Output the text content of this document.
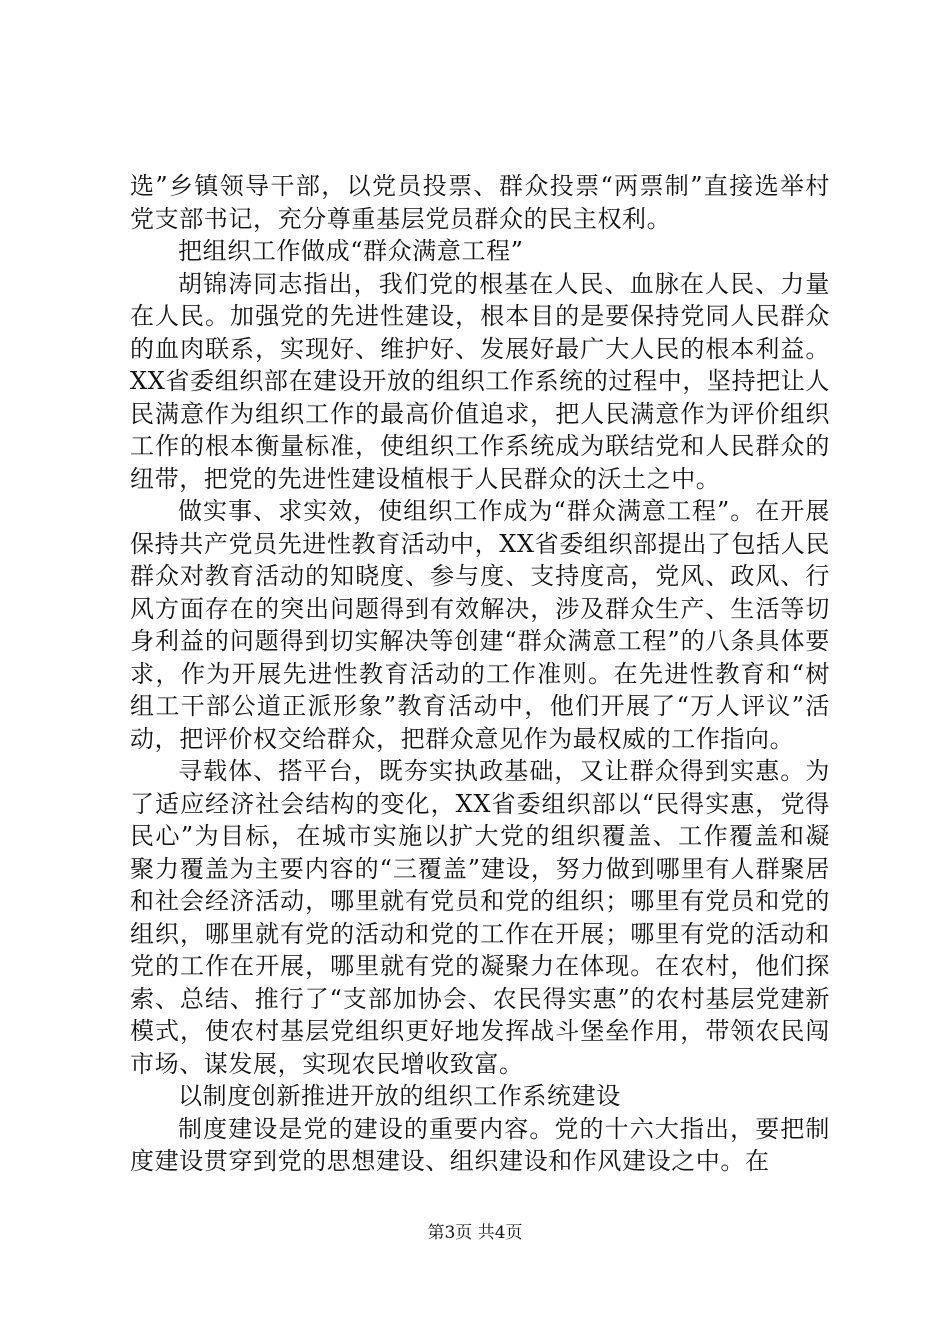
选”乡镇领导干部，以党员投票、群众投票“两票制”直接选举村党支部书记，充分尊重基层党员群众的民主权利。

把组织工作做成“群众满意工程”

胡锦涛同志指出，我们党的根基在人民、血脉在人民、力量在人民。加强党的先进性建设，根本目的是要保持党同人民群众的血肉联系，实现好、维护好、发展好最广大人民的根本利益。XX省委组织部在建设开放的组织工作系统的过程中，坚持把让人民满意作为组织工作的最高价值追求，把人民满意作为评价组织工作的根本衡量标准，使组织工作系统成为联结党和人民群众的纽带，把党的先进性建设植根于人民群众的沃土之中。

做实事、求实效，使组织工作成为“群众满意工程”。在开展保持共产党员先进性教育活动中，XX省委组织部提出了包括人民群众对教育活动的知晓度、参与度、支持度高，党风、政风、行风方面存在的突出问题得到有效解决，涉及群众生产、生活等切身利益的问题得到切实解决等创建“群众满意工程”的八条具体要求，作为开展先进性教育活动的工作准则。在先进性教育和“树组工干部公道正派形象”教育活动中，他们开展了“万人评议”活动，把评价权交给群众，把群众意见作为最权威的工作指向。

寻载体、搭平台，既夯实执政基础，又让群众得到实惠。为了适应经济社会结构的变化，XX省委组织部以“民得实惠，党得民心”为目标，在城市实施以扩大党的组织覆盖、工作覆盖和凝聚力覆盖为主要内容的“三覆盖”建设，努力做到哪里有人群聚居和社会经济活动，哪里就有党员和党的组织；哪里有党员和党的组织，哪里就有党的活动和党的工作在开展；哪里有党的活动和党的工作在开展，哪里就有党的凝聚力在体现。在农村，他们探索、总结、推行了“支部加协会、农民得实惠”的农村基层党建新模式，使农村基层党组织更好地发挥战斗堡垒作用，带领农民闯市场、谋发展，实现农民增收致富。

以制度创新推进开放的组织工作系统建设

制度建设是党的建设的重要内容。党的十六大指出，要把制度建设贯穿到党的思想建设、组织建设和作风建设之中。在

第3页 共4页
